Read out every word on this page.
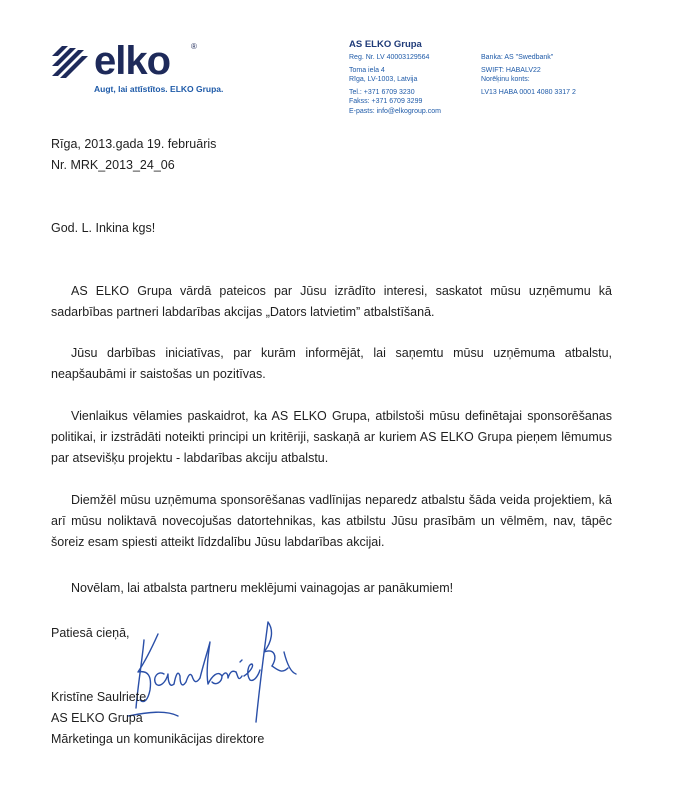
elko	®
Augt, lai attīstītos. ELKO Grupa.
AS ELKO Grupa
Reg. Nr. LV 40003129564
Toma iela 4
Rīga, LV-1003, Latvija
Tel.: +371 6709 3230
Fakss: +371 6709 3299
E-pasts: info@elkogroup.com
Banka: AS "Swedbank"
SWIFT: HABALV22
Norēķinu konts:
LV13 HABA 0001 4080 3317 2
Rīga, 2013.gada 19. februāris
Nr. MRK_2013_24_06
God. L. Inkina kgs!
AS ELKO Grupa vārdā pateicos par Jūsu izrādīto interesi, saskatot mūsu uzņēmumu kā sadarbības partneri labdarības akcijas „Dators latvietim” atbalstīšanā.
Jūsu darbības iniciatīvas, par kurām informējāt, lai saņemtu mūsu uzņēmuma atbalstu, neapšaubāmi ir saistošas un pozitīvas.
Vienlaikus vēlamies paskaidrot, ka AS ELKO Grupa, atbilstoši mūsu definētajai sponsorēšanas politikai, ir izstrādāti noteikti principi un kritēriji, saskaņā ar kuriem AS ELKO Grupa pieņem lēmumus par atsevišķu projektu - labdarības akciju atbalstu.
Diemžēl mūsu uzņēmuma sponsorēšanas vadlīnijas neparedz atbalstu šāda veida projektiem, kā arī mūsu noliktavā novecojušas datortehnikas, kas atbilstu Jūsu prasībām un vēlmēm, nav, tāpēc šoreiz esam spiesti atteikt līdzdalību Jūsu labdarības akcijai.
Novēlam, lai atbalsta partneru meklējumi vainagojas ar panākumiem!
Patiesā cieņā,
Kristīne Saulriete
AS ELKO Grupa
Mārketinga un komunikācijas direktore
